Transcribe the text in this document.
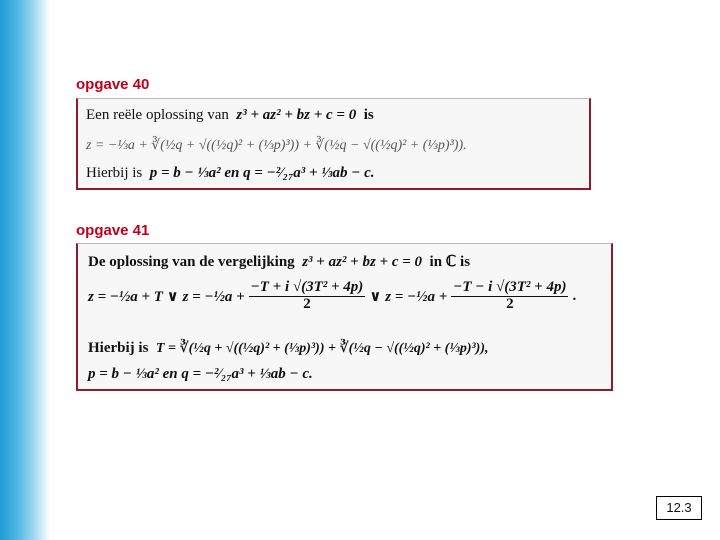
opgave 40
Een reële oplossing van z³ + az² + bz + c = 0 is
z = −⅓a + ∛(½q + √((½q)² + (⅓p)³)) + ∛(½q − √((½q)² + (⅓p)³)).
Hierbij is p = b − ⅓a² en q = −²⁄₂₇a³ + ⅓ab − c.
opgave 41
De oplossing van de vergelijking z³ + az² + bz + c = 0 in ℂ is
z = −½a + T ∨ z = −½a + $\frac{\text{−T + i √(3T² + 4p)}}{2}$ ∨ z = −½a + $\frac{\text{−T − i √(3T² + 4p)}}{2}$ .
Hierbij is T = ∛(½q + √((½q)² + (⅓p)³)) + ∛(½q − √((½q)² + (⅓p)³)),
p = b − ⅓a² en q = −²⁄₂₇a³ + ⅓ab − c.
12.3
